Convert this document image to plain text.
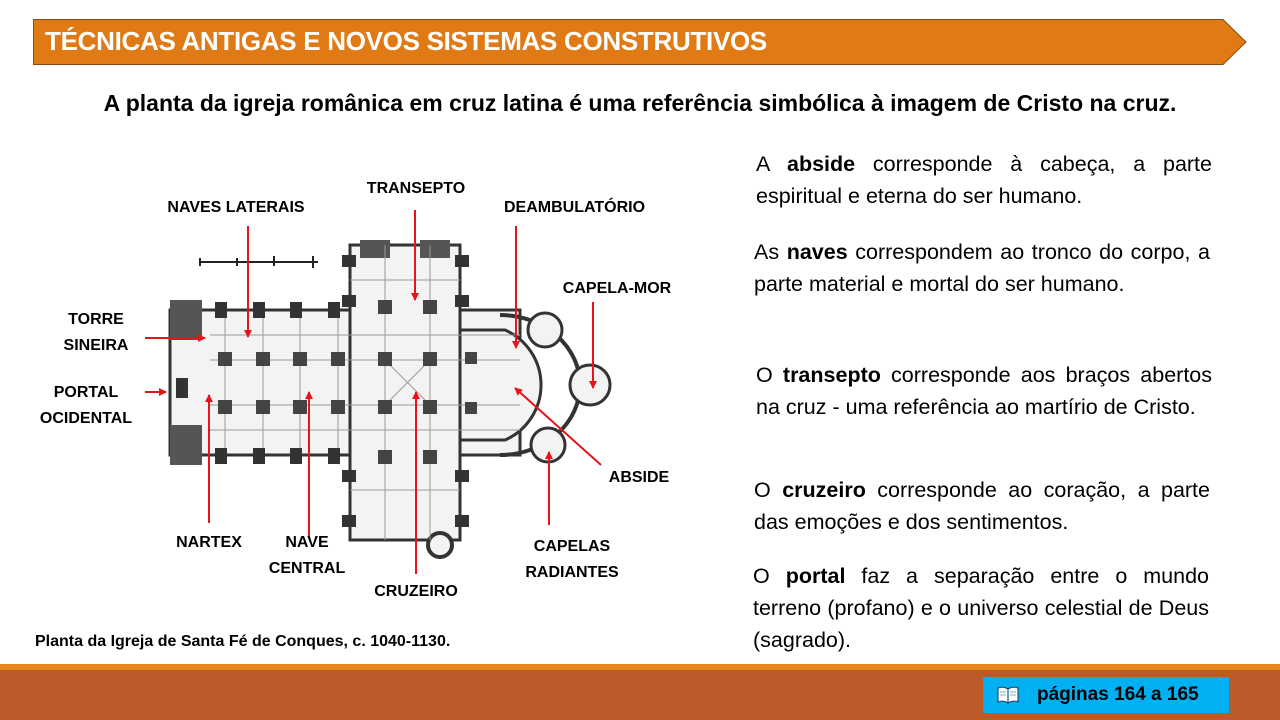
TÉCNICAS ANTIGAS E NOVOS SISTEMAS CONSTRUTIVOS
A planta da igreja românica em cruz latina é uma referência simbólica à imagem de Cristo na cruz.
TRANSEPTO
NAVES LATERAIS	DEAMBULATÓRIO
CAPELA-MOR
TORRE
SINEIRA
PORTAL
OCIDENTAL
ABSIDE
NARTEX	NAVE
CENTRAL
CRUZEIRO
CAPELAS
RADIANTES
Planta da Igreja de Santa Fé de Conques, c. 1040-1130.
A abside corresponde à cabeça, a parte espiritual e eterna do ser humano.
As naves correspondem ao tronco do corpo, a parte material e mortal do ser humano.
O transepto corresponde aos braços abertos na cruz - uma referência ao martírio de Cristo.
O cruzeiro corresponde ao coração, a parte das emoções e dos sentimentos.
O portal faz a separação entre o mundo terreno (profano) e o universo celestial de Deus (sagrado).
páginas 164 a 165
